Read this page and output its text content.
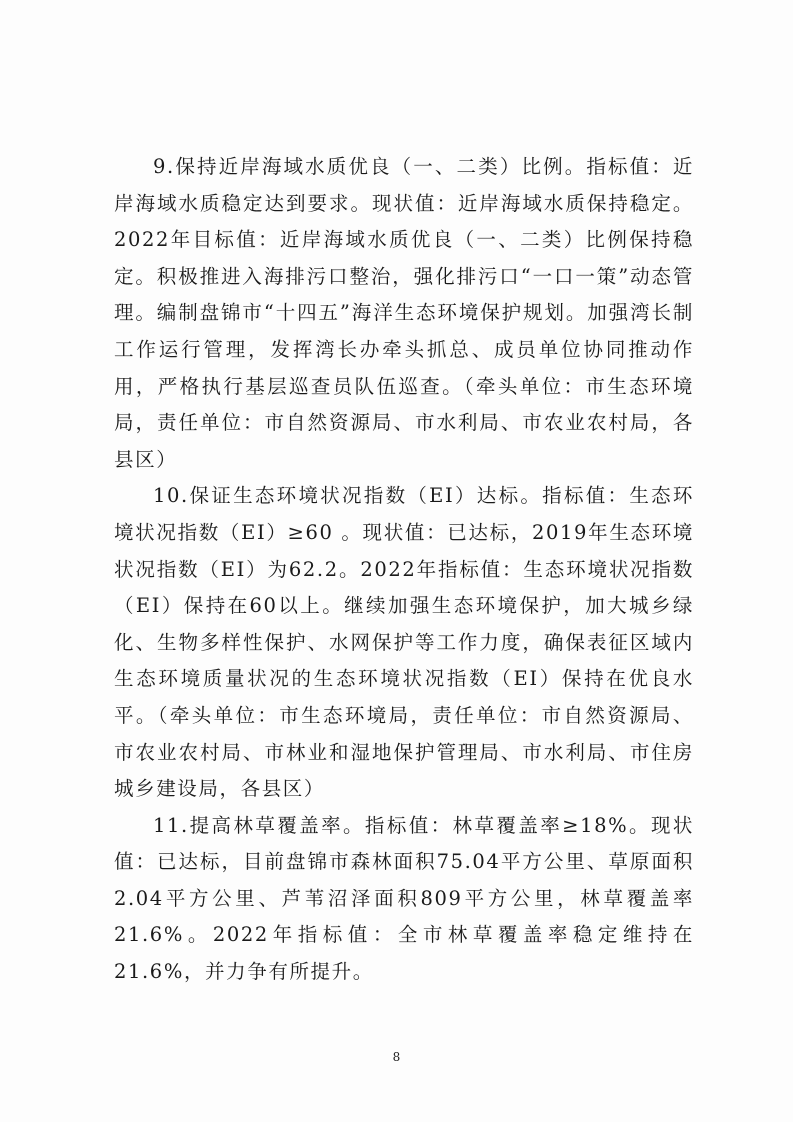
9.保持近岸海域水质优良（一、二类）比例。指标值：近岸海域水质稳定达到要求。现状值：近岸海域水质保持稳定。2022年目标值：近岸海域水质优良（一、二类）比例保持稳定。积极推进入海排污口整治，强化排污口“一口一策”动态管理。编制盘锦市“十四五”海洋生态环境保护规划。加强湾长制工作运行管理，发挥湾长办牵头抓总、成员单位协同推动作用，严格执行基层巡查员队伍巡查。（牵头单位：市生态环境局，责任单位：市自然资源局、市水利局、市农业农村局，各县区）

10.保证生态环境状况指数（EI）达标。指标值：生态环境状况指数（EI）≥60 。现状值：已达标，2019年生态环境状况指数（EI）为62.2。2022年指标值：生态环境状况指数（EI）保持在60以上。继续加强生态环境保护，加大城乡绿化、生物多样性保护、水网保护等工作力度，确保表征区域内生态环境质量状况的生态环境状况指数（EI）保持在优良水平。（牵头单位：市生态环境局，责任单位：市自然资源局、市农业农村局、市林业和湿地保护管理局、市水利局、市住房城乡建设局，各县区）

11.提高林草覆盖率。指标值：林草覆盖率≥18%。现状值：已达标，目前盘锦市森林面积75.04平方公里、草原面积2.04平方公里、芦苇沼泽面积809平方公里，林草覆盖率21.6%。2022年指标值：全市林草覆盖率稳定维持在21.6%，并力争有所提升。

8
